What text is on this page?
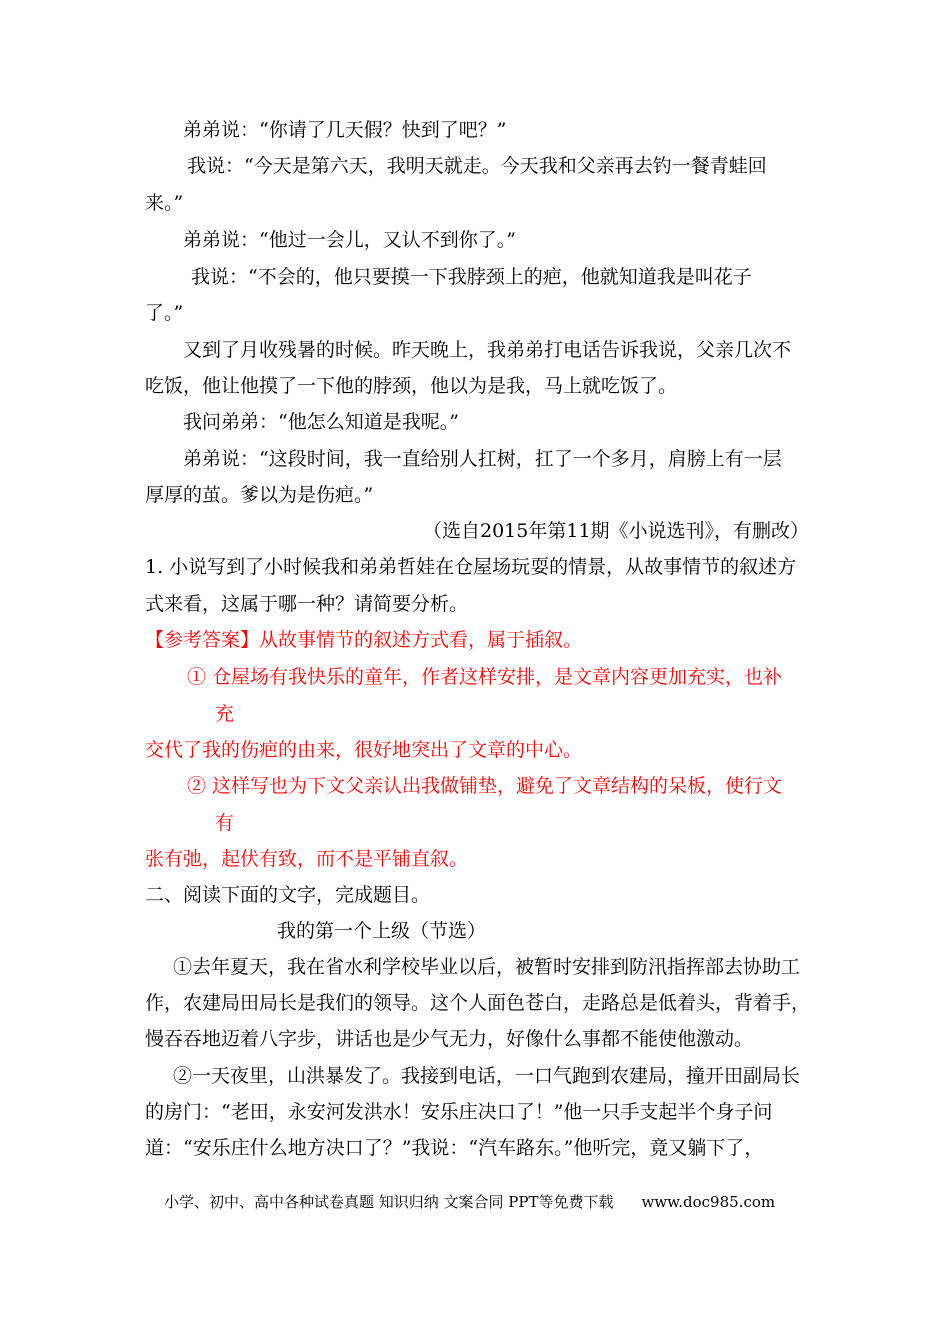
弟弟说：“你请了几天假？快到了吧？”
我说：“今天是第六天，我明天就走。今天我和父亲再去钓一餐青蛙回
来。”
弟弟说：“他过一会儿，又认不到你了。”
我说：“不会的，他只要摸一下我脖颈上的疤，他就知道我是叫花子
了。”
又到了月收残暑的时候。昨天晚上，我弟弟打电话告诉我说，父亲几次不
吃饭，他让他摸了一下他的脖颈，他以为是我，马上就吃饭了。
我问弟弟：“他怎么知道是我呢。”
弟弟说：“这段时间，我一直给别人扛树，扛了一个多月，肩膀上有一层
厚厚的茧。爹以为是伤疤。”
（选自2015年第11期《小说选刊》，有删改）
1. 小说写到了小时候我和弟弟哲娃在仓屋场玩耍的情景，从故事情节的叙述方
式来看，这属于哪一种？请简要分析。
【参考答案】从故事情节的叙述方式看，属于插叙。
① 仓屋场有我快乐的童年，作者这样安排，是文章内容更加充实，也补
充
交代了我的伤疤的由来，很好地突出了文章的中心。
② 这样写也为下文父亲认出我做铺垫，避免了文章结构的呆板，使行文
有
张有弛，起伏有致，而不是平铺直叙。
二、阅读下面的文字，完成题目。
我的第一个上级（节选）
①去年夏天，我在省水利学校毕业以后，被暂时安排到防汛指挥部去协助工
作，农建局田局长是我们的领导。这个人面色苍白，走路总是低着头，背着手，
慢吞吞地迈着八字步，讲话也是少气无力，好像什么事都不能使他激动。
②一天夜里，山洪暴发了。我接到电话，一口气跑到农建局，撞开田副局长
的房门：“老田，永安河发洪水！安乐庄决口了！”他一只手支起半个身子问
道：“安乐庄什么地方决口了？”我说：“汽车路东。”他听完，竟又躺下了，
小学、初中、高中各种试卷真题 知识归纳 文案合同 PPT等免费下载 www.doc985.com
